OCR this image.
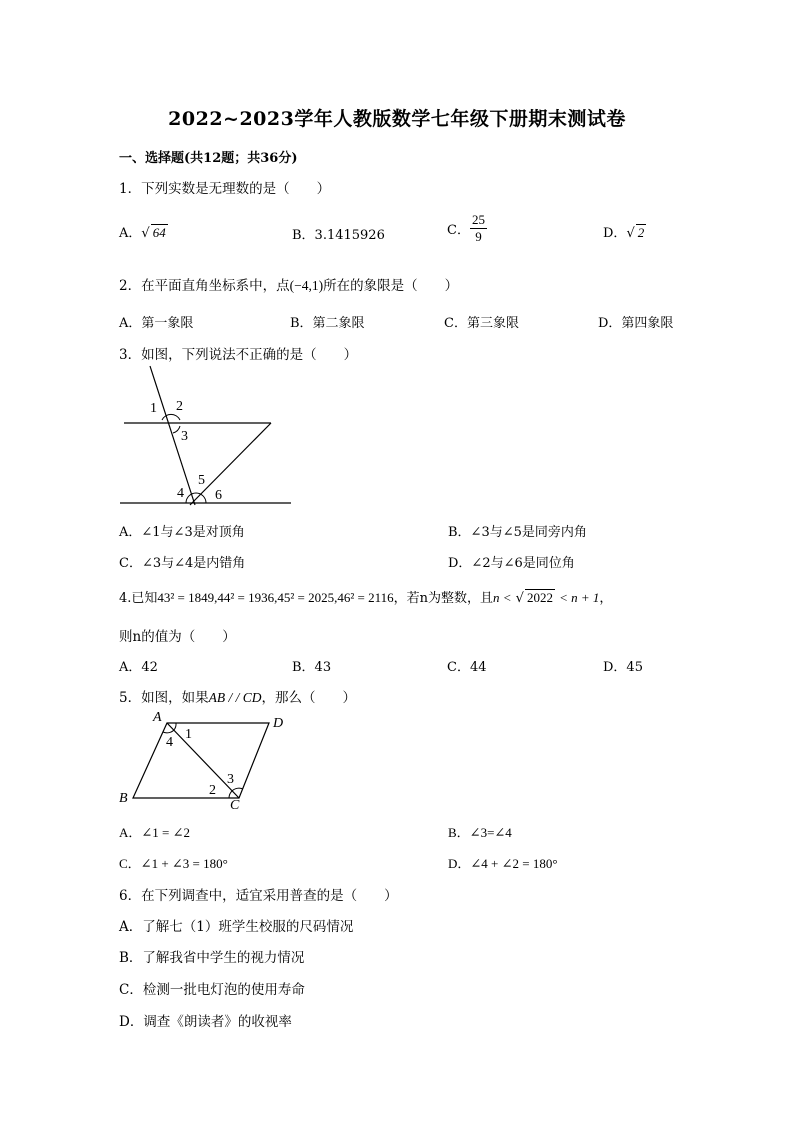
2022~2023学年人教版数学七年级下册期末测试卷
一、选择题(共12题；共36分)
1．下列实数是无理数的是（　　）
A．√ 64	B．3.1415926	C． $\frac{25}{9}$	D．√ 2
2．在平面直角坐标系中，点(−4,1)所在的象限是（　　）
A．第一象限	B．第二象限	C．第三象限	D．第四象限
3．如图，下列说法不正确的是（　　）
1 2
3
4
5
6
A．∠1与∠3是对顶角	B．∠3与∠5是同旁内角
C．∠3与∠4是内错角	D．∠2与∠6是同位角
4.已知43² = 1849,44² = 1936,45² = 2025,46² = 2116，若n为整数，且n < √ 2022 < n + 1，
则n的值为（　　）
A．42	B．43	C．44	D．45
5．如图，如果AB / / CD，那么（　　）
A	D
B	C
1
4
3
2
A．∠1 = ∠2	B．∠3=∠4
C．∠1 + ∠3 = 180°	D．∠4 + ∠2 = 180°
6．在下列调查中，适宜采用普查的是（　　）
A．了解七（1）班学生校服的尺码情况
B．了解我省中学生的视力情况
C．检测一批电灯泡的使用寿命
D．调查《朗读者》的收视率
